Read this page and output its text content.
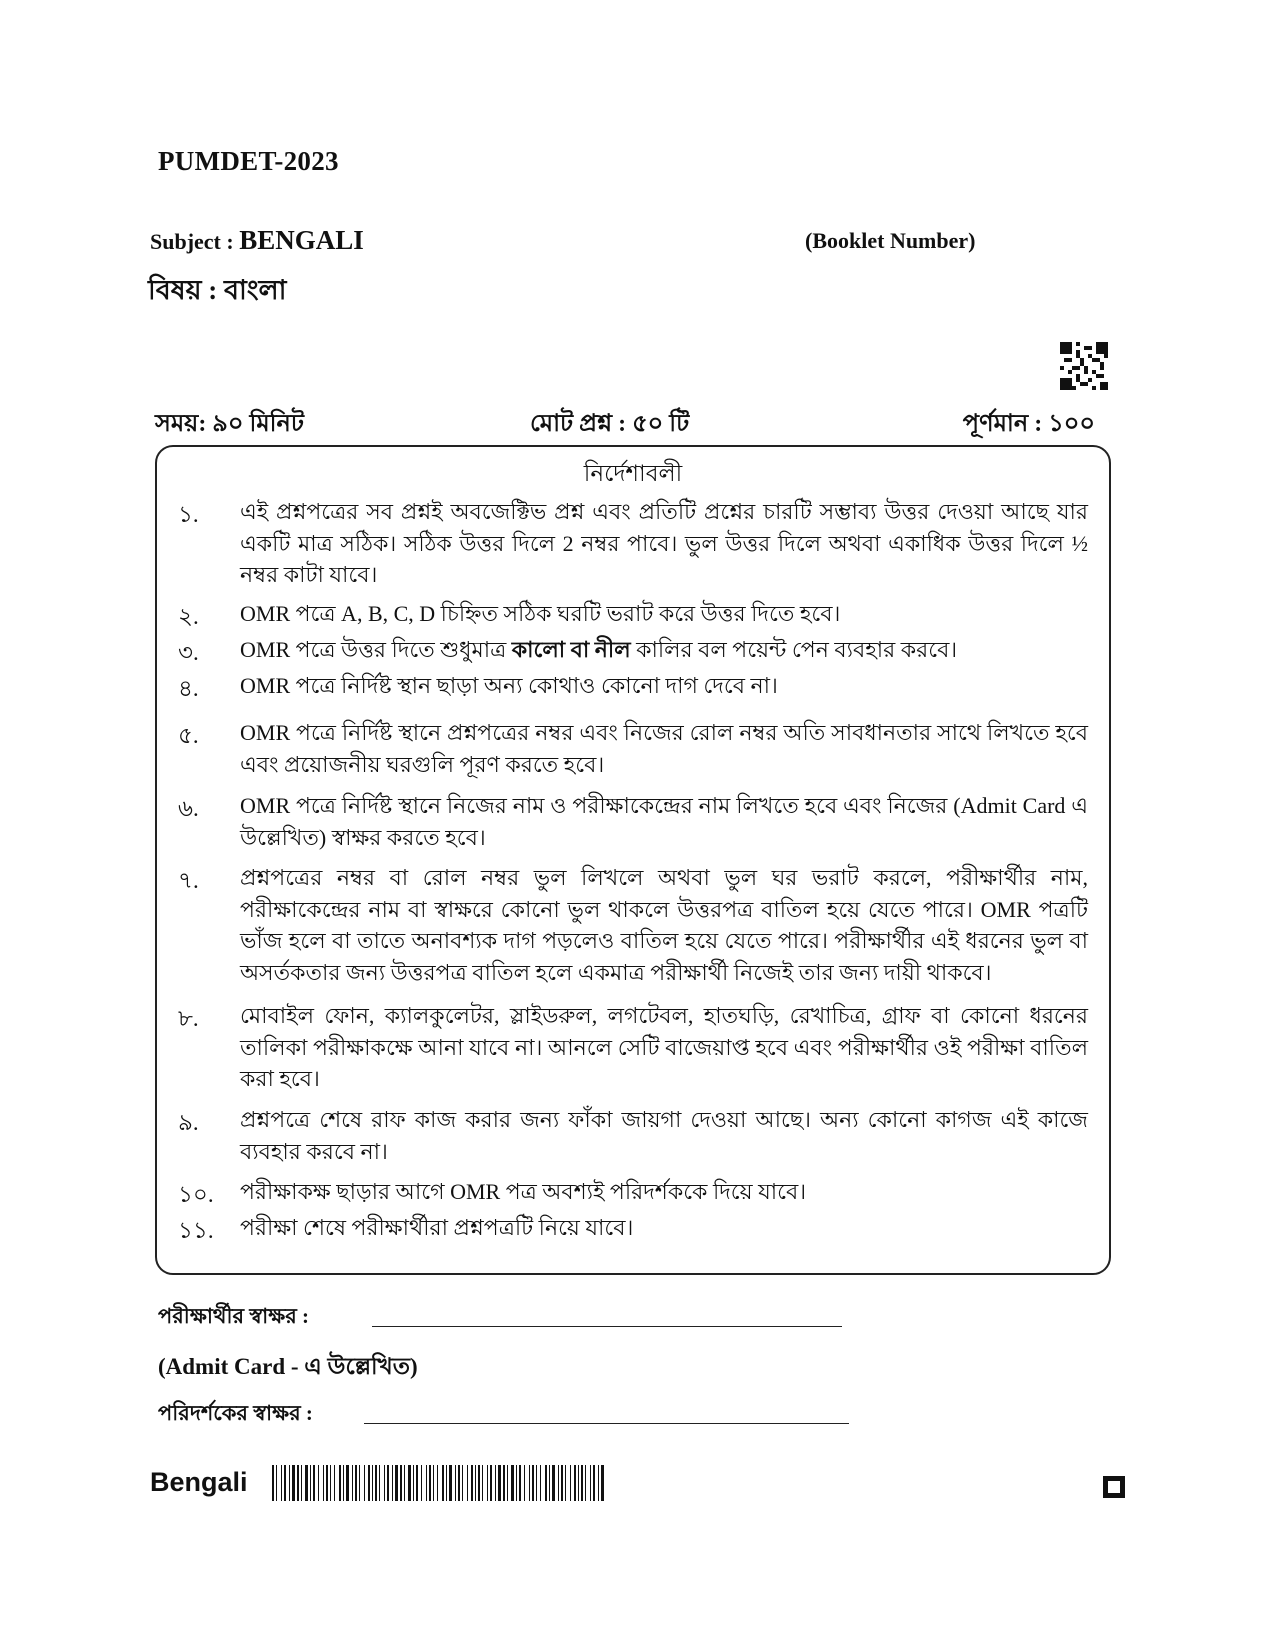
PUMDET-2023
Subject : BENGALI	(Booklet Number)
বিষয় : বাংলা
সময়: ৯০ মিনিট	মোট প্রশ্ন : ৫০ টি	পূর্ণমান : ১০০
নির্দেশাবলী
১. এই প্রশ্নপত্রের সব প্রশ্নই অবজেক্টিভ প্রশ্ন এবং প্রতিটি প্রশ্নের চারটি সম্ভাব্য উত্তর দেওয়া আছে যার একটি মাত্র সঠিক। সঠিক উত্তর দিলে 2 নম্বর পাবে। ভুল উত্তর দিলে অথবা একাধিক উত্তর দিলে ½ নম্বর কাটা যাবে।
২. OMR পত্রে A, B, C, D চিহ্নিত সঠিক ঘরটি ভরাট করে উত্তর দিতে হবে।
৩. OMR পত্রে উত্তর দিতে শুধুমাত্র কালো বা নীল কালির বল পয়েন্ট পেন ব্যবহার করবে।
৪. OMR পত্রে নির্দিষ্ট স্থান ছাড়া অন্য কোথাও কোনো দাগ দেবে না।
৫. OMR পত্রে নির্দিষ্ট স্থানে প্রশ্নপত্রের নম্বর এবং নিজের রোল নম্বর অতি সাবধানতার সাথে লিখতে হবে এবং প্রয়োজনীয় ঘরগুলি পূরণ করতে হবে।
৬. OMR পত্রে নির্দিষ্ট স্থানে নিজের নাম ও পরীক্ষাকেন্দ্রের নাম লিখতে হবে এবং নিজের (Admit Card এ উল্লেখিত) স্বাক্ষর করতে হবে।
৭. প্রশ্নপত্রের নম্বর বা রোল নম্বর ভুল লিখলে অথবা ভুল ঘর ভরাট করলে, পরীক্ষার্থীর নাম, পরীক্ষাকেন্দ্রের নাম বা স্বাক্ষরে কোনো ভুল থাকলে উত্তরপত্র বাতিল হয়ে যেতে পারে। OMR পত্রটি ভাঁজ হলে বা তাতে অনাবশ্যক দাগ পড়লেও বাতিল হয়ে যেতে পারে। পরীক্ষার্থীর এই ধরনের ভুল বা অসর্তকতার জন্য উত্তরপত্র বাতিল হলে একমাত্র পরীক্ষার্থী নিজেই তার জন্য দায়ী থাকবে।
৮. মোবাইল ফোন, ক্যালকুলেটর, স্লাইডরুল, লগটেবল, হাতঘড়ি, রেখাচিত্র, গ্রাফ বা কোনো ধরনের তালিকা পরীক্ষাকক্ষে আনা যাবে না। আনলে সেটি বাজেয়াপ্ত হবে এবং পরীক্ষার্থীর ওই পরীক্ষা বাতিল করা হবে।
৯. প্রশ্নপত্রে শেষে রাফ কাজ করার জন্য ফাঁকা জায়গা দেওয়া আছে। অন্য কোনো কাগজ এই কাজে ব্যবহার করবে না।
১০. পরীক্ষাকক্ষ ছাড়ার আগে OMR পত্র অবশ্যই পরিদর্শককে দিয়ে যাবে।
১১. পরীক্ষা শেষে পরীক্ষার্থীরা প্রশ্নপত্রটি নিয়ে যাবে।
পরীক্ষার্থীর স্বাক্ষর :
(Admit Card - এ উল্লেখিত)
পরিদর্শকের স্বাক্ষর :
Bengali
